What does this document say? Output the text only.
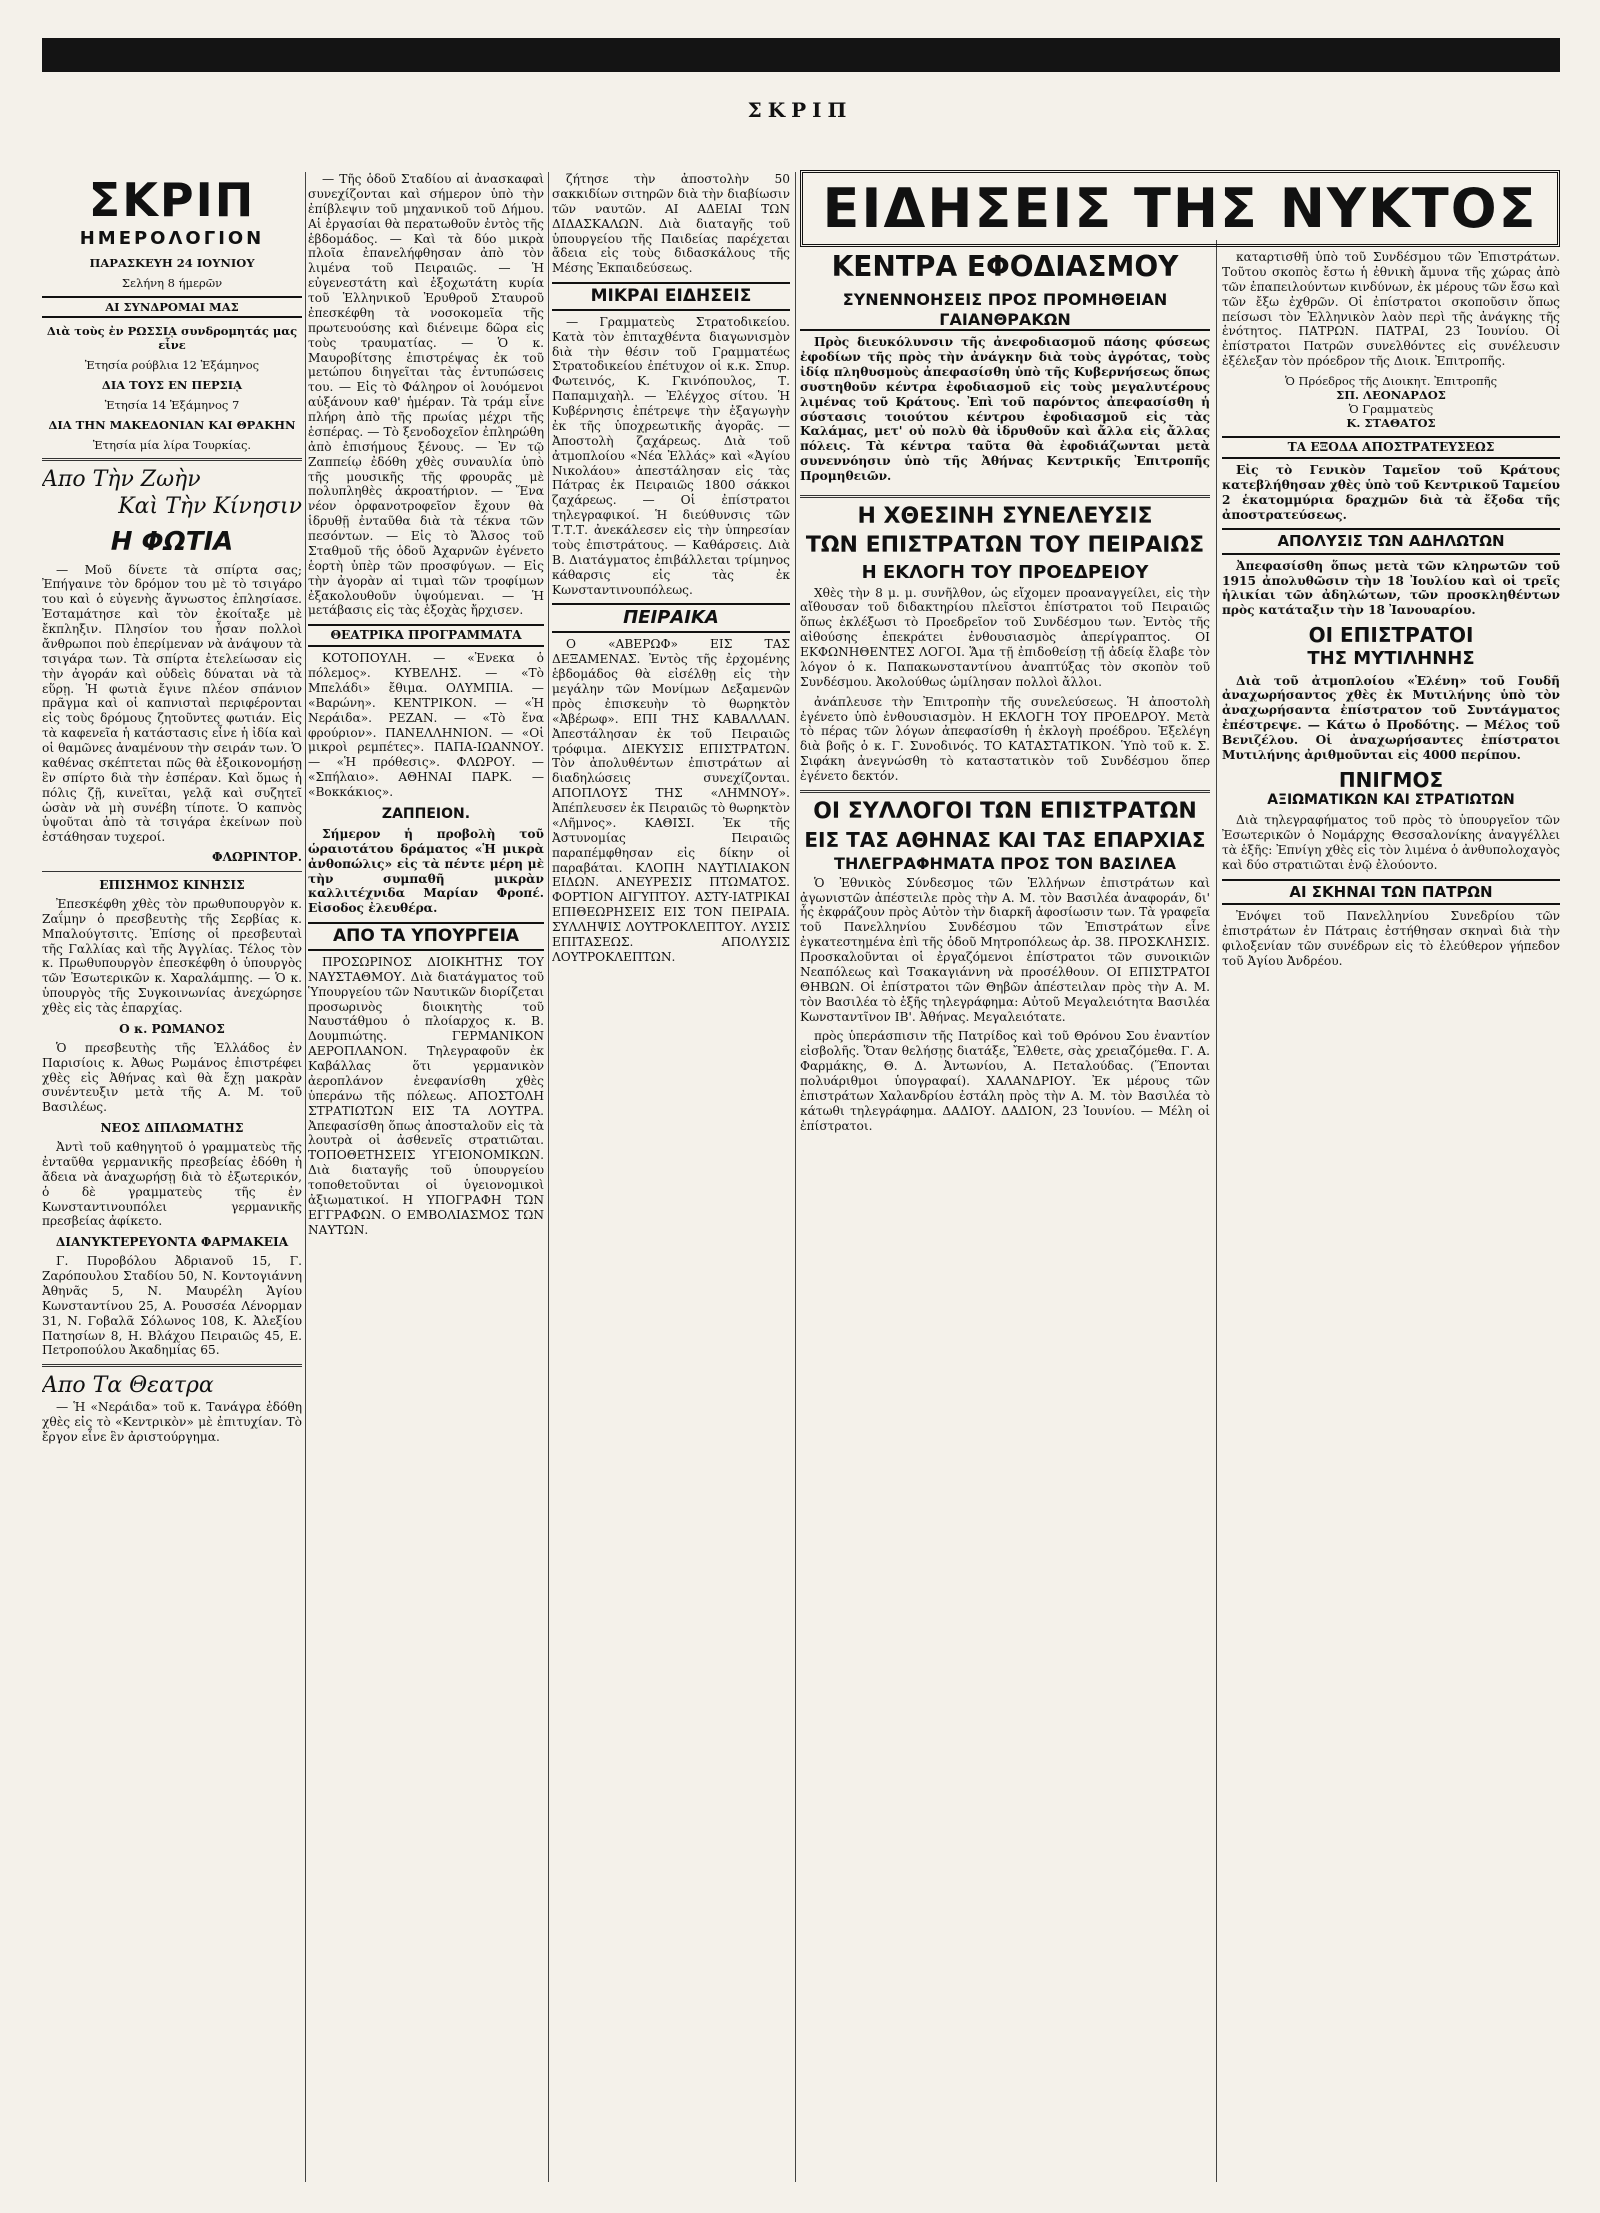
ΣΚΡΙΠ
ΣΚΡΙΠ
ΗΜΕΡΟΛΟΓΙΟΝ
ΠΑΡΑΣΚΕΥΗ 24 ΙΟΥΝΙΟΥ
Σελήνη 8 ήμερῶν
ΑΙ ΣΥΝΔΡΟΜΑΙ ΜΑΣ
Διὰ τοὺς ἐν ΡΩΣΣΙᾼ συνδρομητάς μας εἶνε
Ἐτησία ρούβλια 12 Ἑξάμηνος
ΔΙΑ ΤΟΥΣ ΕΝ ΠΕΡΣΙᾼ
Ἐτησία 14 Ἑξάμηνος 7
ΔΙΑ ΤΗΝ ΜΑΚΕΔΟΝΙΑΝ ΚΑΙ ΘΡΑΚΗΝ
Ἐτησία μία λίρα Τουρκίας.
Απο Τὴν Ζωὴν
Καὶ Τὴν Κίνησιν
Η ΦΩΤΙΑ

— Μοῦ δίνετε τὰ σπίρτα σας; Ἐπήγαινε τὸν δρόμον του μὲ τὸ τσιγάρο του καὶ ὁ εὐγενὴς ἄγνωστος ἐπλησίασε. Ἐσταμάτησε καὶ τὸν ἐκοίταξε μὲ ἔκπληξιν. Πλησίον του ἦσαν πολλοὶ ἄνθρωποι ποὺ ἐπερίμεναν νὰ ἀνάψουν τὰ τσιγάρα των. Τὰ σπίρτα ἐτελείωσαν εἰς τὴν ἀγοράν καὶ οὐδεὶς δύναται νὰ τὰ εὕρῃ. Ἡ φωτιὰ ἔγινε πλέον σπάνιον πρᾶγμα καὶ οἱ καπνισταὶ περιφέρονται εἰς τοὺς δρόμους ζητοῦντες φωτιάν. Εἰς τὰ καφενεῖα ἡ κατάστασις εἶνε ἡ ἰδία καὶ οἱ θαμῶνες ἀναμένουν τὴν σειράν των. Ὁ καθένας σκέπτεται πῶς θὰ ἐξοικονομήσῃ ἓν σπίρτο διὰ τὴν ἑσπέραν. Καὶ ὅμως ἡ πόλις ζῇ, κινεῖται, γελᾷ καὶ συζητεῖ ὡσὰν νὰ μὴ συνέβη τίποτε. Ὁ καπνὸς ὑψοῦται ἀπὸ τὰ τσιγάρα ἐκείνων ποὺ ἐστάθησαν τυχεροί.

ΦΛΩΡΙΝΤΟΡ.
ΕΠΙΣΗΜΟΣ ΚΙΝΗΣΙΣ

Ἐπεσκέφθη χθὲς τὸν πρωθυπουργὸν κ. Ζαΐμην ὁ πρεσβευτὴς τῆς Σερβίας κ. Μπαλούγτσιτς. Ἐπίσης οἱ πρεσβευταὶ τῆς Γαλλίας καὶ τῆς Ἀγγλίας. Τέλος τὸν κ. Πρωθυπουργὸν ἐπεσκέφθη ὁ ὑπουργὸς τῶν Ἐσωτερικῶν κ. Χαραλάμπης. — Ὁ κ. ὑπουργὸς τῆς Συγκοινωνίας ἀνεχώρησε χθὲς εἰς τὰς ἐπαρχίας.

Ο κ. ΡΩΜΑΝΟΣ

Ὁ πρεσβευτὴς τῆς Ἑλλάδος ἐν Παρισίοις κ. Ἀθως Ρωμάνος ἐπιστρέφει χθὲς εἰς Ἀθήνας καὶ θὰ ἔχῃ μακρὰν συνέντευξιν μετὰ τῆς Α. Μ. τοῦ Βασιλέως.

ΝΕΟΣ ΔΙΠΛΩΜΑΤΗΣ

Ἀντὶ τοῦ καθηγητοῦ ὁ γραμματεὺς τῆς ἐνταῦθα γερμανικῆς πρεσβείας ἐδόθη ἡ ἄδεια νὰ ἀναχωρήσῃ διὰ τὸ ἐξωτερικόν, ὁ δὲ γραμματεὺς τῆς ἐν Κωνσταντινουπόλει γερμανικῆς πρεσβείας ἀφίκετο.

ΔΙΑΝΥΚΤΕΡΕΥΟΝΤΑ ΦΑΡΜΑΚΕΙΑ

Γ. Πυροβόλου Ἀδριανοῦ 15, Γ. Ζαρόπουλου Σταδίου 50, Ν. Κοντογιάννη Ἀθηνᾶς 5, Ν. Μαυρέλη Ἁγίου Κωνσταντίνου 25, Α. Ρουσσέα Λένορμαν 31, Ν. Γοβαλᾶ Σόλωνος 108, Κ. Ἀλεξίου Πατησίων 8, Η. Βλάχου Πειραιῶς 45, Ε. Πετροπούλου Ἀκαδημίας 65.

Απο Τα Θεατρα

— Ἡ «Νεράιδα» τοῦ κ. Τανάγρα ἐδόθη χθὲς εἰς τὸ «Κεντρικὸν» μὲ ἐπιτυχίαν. Τὸ ἔργον εἶνε ἓν ἀριστούργημα.

— Τῆς ὁδοῦ Σταδίου αἱ ἀνασκαφαὶ συνεχίζονται καὶ σήμερον ὑπὸ τὴν ἐπίβλεψιν τοῦ μηχανικοῦ τοῦ Δήμου. Αἱ ἐργασίαι θὰ περατωθοῦν ἐντὸς τῆς ἑβδομάδος. — Καὶ τὰ δύο μικρὰ πλοῖα ἐπανελήφθησαν ἀπὸ τὸν λιμένα τοῦ Πειραιῶς. — Ἡ εὐγενεστάτη καὶ ἐξοχωτάτη κυρία τοῦ Ἑλληνικοῦ Ἐρυθροῦ Σταυροῦ ἐπεσκέφθη τὰ νοσοκομεῖα τῆς πρωτευούσης καὶ διένειμε δῶρα εἰς τοὺς τραυματίας. — Ὁ κ. Μαυροβίτσης ἐπιστρέψας ἐκ τοῦ μετώπου διηγεῖται τὰς ἐντυπώσεις του. — Εἰς τὸ Φάληρον οἱ λουόμενοι αὐξάνουν καθ' ἡμέραν. Τὰ τράμ εἶνε πλήρη ἀπὸ τῆς πρωίας μέχρι τῆς ἑσπέρας. — Τὸ ξενοδοχεῖον ἐπληρώθη ἀπὸ ἐπισήμους ξένους. — Ἐν τῷ Ζαππείῳ ἐδόθη χθὲς συναυλία ὑπὸ τῆς μουσικῆς τῆς φρουρᾶς μὲ πολυπληθὲς ἀκροατήριον. — Ἕνα νέον ὀρφανοτροφεῖον ἔχουν θὰ ἱδρυθῇ ἐνταῦθα διὰ τὰ τέκνα τῶν πεσόντων. — Εἰς τὸ Ἄλσος τοῦ Σταθμοῦ τῆς ὁδοῦ Ἀχαρνῶν ἐγένετο ἑορτὴ ὑπὲρ τῶν προσφύγων. — Εἰς τὴν ἀγορὰν αἱ τιμαὶ τῶν τροφίμων ἐξακολουθοῦν ὑψούμεναι. — Ἡ μετάβασις εἰς τὰς ἐξοχὰς ἤρχισεν.

ΘΕΑΤΡΙΚΑ ΠΡΟΓΡΑΜΜΑΤΑ

ΚΟΤΟΠΟΥΛΗ. — «Ἐνεκα ὁ πόλεμος». ΚΥΒΕΛΗΣ. — «Τὸ Μπελάδι» ἔθιμα. ΟΛΥΜΠΙΑ. — «Βαρώνη». ΚΕΝΤΡΙΚΟΝ. — «Ἡ Νεράιδα». ΡΕΖΑΝ. — «Τὸ ἕνα φρούριον». ΠΑΝΕΛΛΗΝΙΟΝ. — «Οἱ μικροὶ ρεμπέτες». ΠΑΠΑ-ΙΩΑΝΝΟΥ. — «Ἡ πρόθεσις». ΦΛΩΡΟΥ. — «Σπήλαιο». ΑΘΗΝΑΙ ΠΑΡΚ. — «Βοκκάκιος».

ΖΑΠΠΕΙΟΝ.

Σήμερον ἡ προβολὴ τοῦ ὡραιοτάτου δράματος «Ἡ μικρὰ ἀνθοπώλις» εἰς τὰ πέντε μέρη μὲ τὴν συμπαθῆ μικρὰν καλλιτέχνιδα Μαρίαν Φροπέ. Εἰσοδος ἐλευθέρα.

ΑΠΟ ΤΑ ΥΠΟΥΡΓΕΙΑ

ΠΡΟΣΩΡΙΝΟΣ ΔΙΟΙΚΗΤΗΣ ΤΟΥ ΝΑΥΣΤΑΘΜΟΥ. Διὰ διατάγματος τοῦ Ὑπουργείου τῶν Ναυτικῶν διορίζεται προσωρινὸς διοικητὴς τοῦ Ναυστάθμου ὁ πλοίαρχος κ. Β. Δουμπιώτης. ΓΕΡΜΑΝΙΚΟΝ ΑΕΡΟΠΛΑΝΟΝ. Τηλεγραφοῦν ἐκ Καβάλλας ὅτι γερμανικὸν ἀεροπλάνον ἐνεφανίσθη χθὲς ὑπεράνω τῆς πόλεως. ΑΠΟΣΤΟΛΗ ΣΤΡΑΤΙΩΤΩΝ ΕΙΣ ΤΑ ΛΟΥΤΡΑ. Ἀπεφασίσθη ὅπως ἀποσταλοῦν εἰς τὰ λουτρὰ οἱ ἀσθενεῖς στρατιῶται. ΤΟΠΟΘΕΤΗΣΕΙΣ ΥΓΕΙΟΝΟΜΙΚΩΝ. Διὰ διαταγῆς τοῦ ὑπουργείου τοποθετοῦνται οἱ ὑγειονομικοὶ ἀξιωματικοί. Η ΥΠΟΓΡΑΦΗ ΤΩΝ ΕΓΓΡΑΦΩΝ. Ο ΕΜΒΟΛΙΑΣΜΟΣ ΤΩΝ ΝΑΥΤΩΝ.

ζήτησε τὴν ἀποστολὴν 50 σακκιδίων σιτηρῶν διὰ τὴν διαβίωσιν τῶν ναυτῶν. ΑΙ ΑΔΕΙΑΙ ΤΩΝ ΔΙΔΑΣΚΑΛΩΝ. Διὰ διαταγῆς τοῦ ὑπουργείου τῆς Παιδείας παρέχεται ἄδεια εἰς τοὺς διδασκάλους τῆς Μέσης Ἐκπαιδεύσεως.

ΜΙΚΡΑΙ ΕΙΔΗΣΕΙΣ

— Γραμματεὺς Στρατοδικείου. Κατὰ τὸν ἐπιταχθέντα διαγωνισμὸν διὰ τὴν θέσιν τοῦ Γραμματέως Στρατοδικείου ἐπέτυχον οἱ κ.κ. Σπυρ. Φωτεινός, Κ. Γκινόπουλος, Τ. Παπαμιχαὴλ. — Ἐλέγχος σίτου. Ἡ Κυβέρνησις ἐπέτρεψε τὴν ἐξαγωγὴν ἐκ τῆς ὑποχρεωτικῆς ἀγορᾶς. — Ἀποστολὴ ζαχάρεως. Διὰ τοῦ ἀτμοπλοίου «Νέα Ἑλλάς» καὶ «Ἀγίου Νικολάου» ἀπεστάλησαν εἰς τὰς Πάτρας ἐκ Πειραιῶς 1800 σάκκοι ζαχάρεως. — Οἱ ἐπίστρατοι τηλεγραφικοί. Ἡ διεύθυνσις τῶν Τ.Τ.Τ. ἀνεκάλεσεν εἰς τὴν ὑπηρεσίαν τοὺς ἐπιστράτους. — Καθάρσεις. Διὰ Β. Διατάγματος ἐπιβάλλεται τρίμηνος κάθαρσις εἰς τὰς ἐκ Κωνσταντινουπόλεως.

ΠΕΙΡΑΙΚΑ

Ο «ΑΒΕΡΩΦ» ΕΙΣ ΤΑΣ ΔΕΞΑΜΕΝΑΣ. Ἐντὸς τῆς ἐρχομένης ἑβδομάδος θὰ εἰσέλθῃ εἰς τὴν μεγάλην τῶν Μονίμων Δεξαμενῶν πρὸς ἐπισκευὴν τὸ θωρηκτὸν «Ἀβέρωφ». ΕΠΙ ΤΗΣ ΚΑΒΑΛΛΑΝ. Ἀπεστάλησαν ἐκ τοῦ Πειραιῶς τρόφιμα. ΔΙΕΚΥΣΙΣ ΕΠΙΣΤΡΑΤΩΝ. Τὸν ἀπολυθέντων ἐπιστράτων αἱ διαδηλώσεις συνεχίζονται. ΑΠΟΠΛΟΥΣ ΤΗΣ «ΛΗΜΝΟΥ». Ἀπέπλευσεν ἐκ Πειραιῶς τὸ θωρηκτὸν «Λῆμνος». ΚΑΘΙΣΙ. Ἐκ τῆς Ἀστυνομίας Πειραιῶς παραπέμφθησαν εἰς δίκην οἱ παραβάται. ΚΛΟΠΗ ΝΑΥΤΙΛΙΑΚΟΝ ΕΙΔΩΝ. ΑΝΕΥΡΕΣΙΣ ΠΤΩΜΑΤΟΣ. ΦΟΡΤΙΟΝ ΑΙΓΥΠΤΟΥ. ΑΣΤΥ-ΙΑΤΡΙΚΑΙ ΕΠΙΘΕΩΡΗΣΕΙΣ ΕΙΣ ΤΟΝ ΠΕΙΡΑΙΑ. ΣΥΛΛΗΨΙΣ ΛΟΥΤΡΟΚΛΕΠΤΟΥ. ΛΥΣΙΣ ΕΠΙΤΑΣΕΩΣ. ΑΠΟΛΥΣΙΣ ΛΟΥΤΡΟΚΛΕΠΤΩΝ.

ΕΙΔΗΣΕΙΣ ΤΗΣ ΝΥΚΤΟΣ
ΚΕΝΤΡΑ ΕΦΟΔΙΑΣΜΟΥ
ΣΥΝΕΝΝΟΗΣΕΙΣ ΠΡΟΣ ΠΡΟΜΗΘΕΙΑΝ ΓΑΙΑΝΘΡΑΚΩΝ

Πρὸς διευκόλυνσιν τῆς ἀνεφοδιασμοῦ πάσης φύσεως ἐφοδίων τῆς πρὸς τὴν ἀνάγκην διὰ τοὺς ἀγρότας, τοὺς ἰδίᾳ πληθυσμοὺς ἀπεφασίσθη ὑπὸ τῆς Κυβερνήσεως ὅπως συστηθοῦν κέντρα ἐφοδιασμοῦ εἰς τοὺς μεγαλυτέρους λιμένας τοῦ Κράτους. Ἐπὶ τοῦ παρόντος ἀπεφασίσθη ἡ σύστασις τοιούτου κέντρου ἐφοδιασμοῦ εἰς τὰς Καλάμας, μετ' οὐ πολὺ θὰ ἱδρυθοῦν καὶ ἄλλα εἰς ἄλλας πόλεις. Τὰ κέντρα ταῦτα θὰ ἐφοδιάζωνται μετὰ συνεννόησιν ὑπὸ τῆς Ἀθήνας Κεντρικῆς Ἐπιτροπῆς Προμηθειῶν.

Η ΧΘΕΣΙΝΗ ΣΥΝΕΛΕΥΣΙΣ
ΤΩΝ ΕΠΙΣΤΡΑΤΩΝ ΤΟΥ ΠΕΙΡΑΙΩΣ
Η ΕΚΛΟΓΗ ΤΟΥ ΠΡΟΕΔΡΕΙΟΥ

Χθὲς τὴν 8 μ. μ. συνῆλθον, ὡς εἴχομεν προαναγγείλει, εἰς τὴν αἴθουσαν τοῦ διδακτηρίου πλεῖστοι ἐπίστρατοι τοῦ Πειραιῶς ὅπως ἐκλέξωσι τὸ Προεδρεῖον τοῦ Συνδέσμου των. Ἐντὸς τῆς αἰθούσης ἐπεκράτει ἐνθουσιασμὸς ἀπερίγραπτος. ΟΙ ΕΚΦΩΝΗΘΕΝΤΕΣ ΛΟΓΟΙ. Ἅμα τῇ ἐπιδοθείσῃ τῇ ἀδείᾳ ἔλαβε τὸν λόγον ὁ κ. Παπακωνσταντίνου ἀναπτύξας τὸν σκοπὸν τοῦ Συνδέσμου. Ἀκολούθως ὡμίλησαν πολλοὶ ἄλλοι.

ἀνάπλευσε τὴν Ἐπιτροπὴν τῆς συνελεύσεως. Ἡ ἀποστολὴ ἐγένετο ὑπὸ ἐνθουσιασμὸν. Η ΕΚΛΟΓΗ ΤΟΥ ΠΡΟΕΔΡΟΥ. Μετὰ τὸ πέρας τῶν λόγων ἀπεφασίσθη ἡ ἐκλογὴ προέδρου. Ἐξελέγη διὰ βοῆς ὁ κ. Γ. Συνοδινός. ΤΟ ΚΑΤΑΣΤΑΤΙΚΟΝ. Ὑπὸ τοῦ κ. Σ. Σιφάκη ἀνεγνώσθη τὸ καταστατικὸν τοῦ Συνδέσμου ὅπερ ἐγένετο δεκτόν.

ΟΙ ΣΥΛΛΟΓΟΙ ΤΩΝ ΕΠΙΣΤΡΑΤΩΝ
ΕΙΣ ΤΑΣ ΑΘΗΝΑΣ ΚΑΙ ΤΑΣ ΕΠΑΡΧΙΑΣ
ΤΗΛΕΓΡΑΦΗΜΑΤΑ ΠΡΟΣ ΤΟΝ ΒΑΣΙΛΕΑ

Ὁ Ἐθνικὸς Σύνδεσμος τῶν Ἑλλήνων ἐπιστράτων καὶ ἀγωνιστῶν ἀπέστειλε πρὸς τὴν Α. Μ. τὸν Βασιλέα ἀναφοράν, δι' ἧς ἐκφράζουν πρὸς Αὐτὸν τὴν διαρκῆ ἀφοσίωσιν των. Τὰ γραφεῖα τοῦ Πανελληνίου Συνδέσμου τῶν Ἐπιστράτων εἶνε ἐγκατεστημένα ἐπὶ τῆς ὁδοῦ Μητροπόλεως ἀρ. 38. ΠΡΟΣΚΛΗΣΙΣ. Προσκαλοῦνται οἱ ἐργαζόμενοι ἐπίστρατοι τῶν συνοικιῶν Νεαπόλεως καὶ Τσακαγιάννη νὰ προσέλθουν. ΟΙ ΕΠΙΣΤΡΑΤΟΙ ΘΗΒΩΝ. Οἱ ἐπίστρατοι τῶν Θηβῶν ἀπέστειλαν πρὸς τὴν Α. Μ. τὸν Βασιλέα τὸ ἑξῆς τηλεγράφημα: Αὐτοῦ Μεγαλειότητα Βασιλέα Κωνσταντῖνον ΙΒ'. Ἀθήνας. Μεγαλειότατε.

πρὸς ὑπεράσπισιν τῆς Πατρίδος καὶ τοῦ Θρόνου Σου ἐναντίον εἰσβολῆς. Ὅταν θελήσῃς διατάξε, Ἔλθετε, σὰς χρειαζόμεθα. Γ. Α. Φαρμάκης, Θ. Δ. Ἀντωνίου, Α. Πεταλούδας. (Ἕπονται πολυάριθμοι ὑπογραφαί). ΧΑΛΑΝΔΡΙΟΥ. Ἐκ μέρους τῶν ἐπιστράτων Χαλανδρίου ἐστάλη πρὸς τὴν Α. Μ. τὸν Βασιλέα τὸ κάτωθι τηλεγράφημα. ΔΑΔΙΟΥ. ΔΑΔΙΟΝ, 23 Ἰουνίου. — Μέλη οἱ ἐπίστρατοι.

καταρτισθῆ ὑπὸ τοῦ Συνδέσμου τῶν Ἐπιστράτων. Τοῦτου σκοπὸς ἔστω ἡ ἐθνικὴ ἄμυνα τῆς χώρας ἀπὸ τῶν ἐπαπειλούντων κινδύνων, ἐκ μέρους τῶν ἔσω καὶ τῶν ἔξω ἐχθρῶν. Οἱ ἐπίστρατοι σκοποῦσιν ὅπως πείσωσι τὸν Ἑλληνικὸν λαὸν περὶ τῆς ἀνάγκης τῆς ἑνότητος. ΠΑΤΡΩΝ. ΠΑΤΡΑΙ, 23 Ἰουνίου. Οἱ ἐπίστρατοι Πατρῶν συνελθόντες εἰς συνέλευσιν ἐξέλεξαν τὸν πρόεδρον τῆς Διοικ. Ἐπιτροπῆς.

Ὁ Πρόεδρος τῆς Διοικητ. Ἐπιτροπῆς
ΣΠ. ΛΕΟΝΑΡΔΟΣ
Ὁ Γραμματεὺς
Κ. ΣΤΑΘΑΤΟΣ
ΤΑ ΕΞΟΔΑ ΑΠΟΣΤΡΑΤΕΥΣΕΩΣ

Εἰς τὸ Γενικὸν Ταμεῖον τοῦ Κράτους κατεβλήθησαν χθὲς ὑπὸ τοῦ Κεντρικοῦ Ταμείου 2 ἑκατομμύρια δραχμῶν διὰ τὰ ἔξοδα τῆς ἀποστρατεύσεως.

ΑΠΟΛΥΣΙΣ ΤΩΝ ΑΔΗΛΩΤΩΝ

Ἀπεφασίσθη ὅπως μετὰ τῶν κληρωτῶν τοῦ 1915 ἀπολυθῶσιν τὴν 18 Ἰουλίου καὶ οἱ τρεῖς ἡλικίαι τῶν ἀδηλώτων, τῶν προσκληθέντων πρὸς κατάταξιν τὴν 18 Ἰανουαρίου.

ΟΙ ΕΠΙΣΤΡΑΤΟΙ
ΤΗΣ ΜΥΤΙΛΗΝΗΣ

Διὰ τοῦ ἀτμοπλοίου «Ἑλένη» τοῦ Γουδῆ ἀναχωρήσαντος χθὲς ἐκ Μυτιλήνης ὑπὸ τὸν ἀναχωρήσαντα ἐπίστρατον τοῦ Συντάγματος ἐπέστρεψε. — Κάτω ὁ Προδότης. — Μέλος τοῦ Βενιζέλου. Οἱ ἀναχωρήσαντες ἐπίστρατοι Μυτιλήνης ἀριθμοῦνται εἰς 4000 περίπου.

ΠΝΙΓΜΟΣ
ΑΞΙΩΜΑΤΙΚΩΝ ΚΑΙ ΣΤΡΑΤΙΩΤΩΝ

Διὰ τηλεγραφήματος τοῦ πρὸς τὸ ὑπουργεῖον τῶν Ἐσωτερικῶν ὁ Νομάρχης Θεσσαλονίκης ἀναγγέλλει τὰ ἑξῆς: Ἐπνίγη χθὲς εἰς τὸν λιμένα ὁ ἀνθυπολοχαγὸς καὶ δύο στρατιῶται ἐνῷ ἐλούοντο.

ΑΙ ΣΚΗΝΑΙ ΤΩΝ ΠΑΤΡΩΝ

Ἐνόψει τοῦ Πανελληνίου Συνεδρίου τῶν ἐπιστράτων ἐν Πάτραις ἐστήθησαν σκηναὶ διὰ τὴν φιλοξενίαν τῶν συνέδρων εἰς τὸ ἐλεύθερον γήπεδον τοῦ Ἀγίου Ἀνδρέου.
